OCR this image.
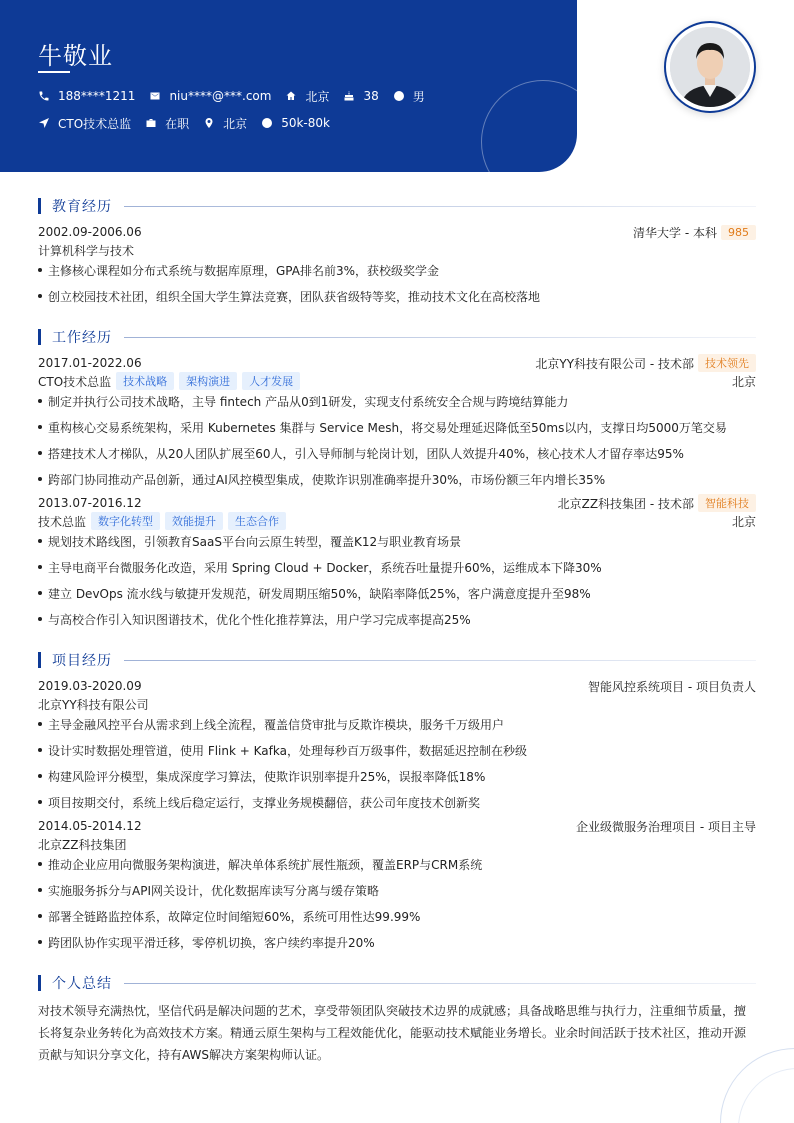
牛敬业
188****1211	niu****@***.com	北京	38	男
CTO技术总监	在职	北京	50k-80k
教育经历
2002.09-2006.06	清华大学 - 本科	985
计算机科学与技术
主修核心课程如分布式系统与数据库原理，GPA排名前3%，获校级奖学金
创立校园技术社团，组织全国大学生算法竞赛，团队获省级特等奖，推动技术文化在高校落地
工作经历
2017.01-2022.06	北京YY科技有限公司 - 技术部	技术领先
CTO技术总监	技术战略	架构演进	人才发展	北京
制定并执行公司技术战略，主导 fintech 产品从0到1研发，实现支付系统安全合规与跨境结算能力
重构核心交易系统架构，采用 Kubernetes 集群与 Service Mesh，将交易处理延迟降低至50ms以内，支撑日均5000万笔交易
搭建技术人才梯队，从20人团队扩展至60人，引入导师制与轮岗计划，团队人效提升40%，核心技术人才留存率达95%
跨部门协同推动产品创新，通过AI风控模型集成，使欺诈识别准确率提升30%，市场份额三年内增长35%
2013.07-2016.12	北京ZZ科技集团 - 技术部	智能科技
技术总监	数字化转型	效能提升	生态合作	北京
规划技术路线图，引领教育SaaS平台向云原生转型，覆盖K12与职业教育场景
主导电商平台微服务化改造，采用 Spring Cloud + Docker，系统吞吐量提升60%，运维成本下降30%
建立 DevOps 流水线与敏捷开发规范，研发周期压缩50%，缺陷率降低25%，客户满意度提升至98%
与高校合作引入知识图谱技术，优化个性化推荐算法，用户学习完成率提高25%
项目经历
2019.03-2020.09	智能风控系统项目 - 项目负责人
北京YY科技有限公司
主导金融风控平台从需求到上线全流程，覆盖信贷审批与反欺诈模块，服务千万级用户
设计实时数据处理管道，使用 Flink + Kafka，处理每秒百万级事件，数据延迟控制在秒级
构建风险评分模型，集成深度学习算法，使欺诈识别率提升25%，误报率降低18%
项目按期交付，系统上线后稳定运行，支撑业务规模翻倍，获公司年度技术创新奖
2014.05-2014.12	企业级微服务治理项目 - 项目主导
北京ZZ科技集团
推动企业应用向微服务架构演进，解决单体系统扩展性瓶颈，覆盖ERP与CRM系统
实施服务拆分与API网关设计，优化数据库读写分离与缓存策略
部署全链路监控体系，故障定位时间缩短60%，系统可用性达99.99%
跨团队协作实现平滑迁移，零停机切换，客户续约率提升20%
个人总结
对技术领导充满热忱，坚信代码是解决问题的艺术，享受带领团队突破技术边界的成就感；具备战略思维与执行力，注重细节质量，擅长将复杂业务转化为高效技术方案。精通云原生架构与工程效能优化，能驱动技术赋能业务增长。业余时间活跃于技术社区，推动开源贡献与知识分享文化，持有AWS解决方案架构师认证。
